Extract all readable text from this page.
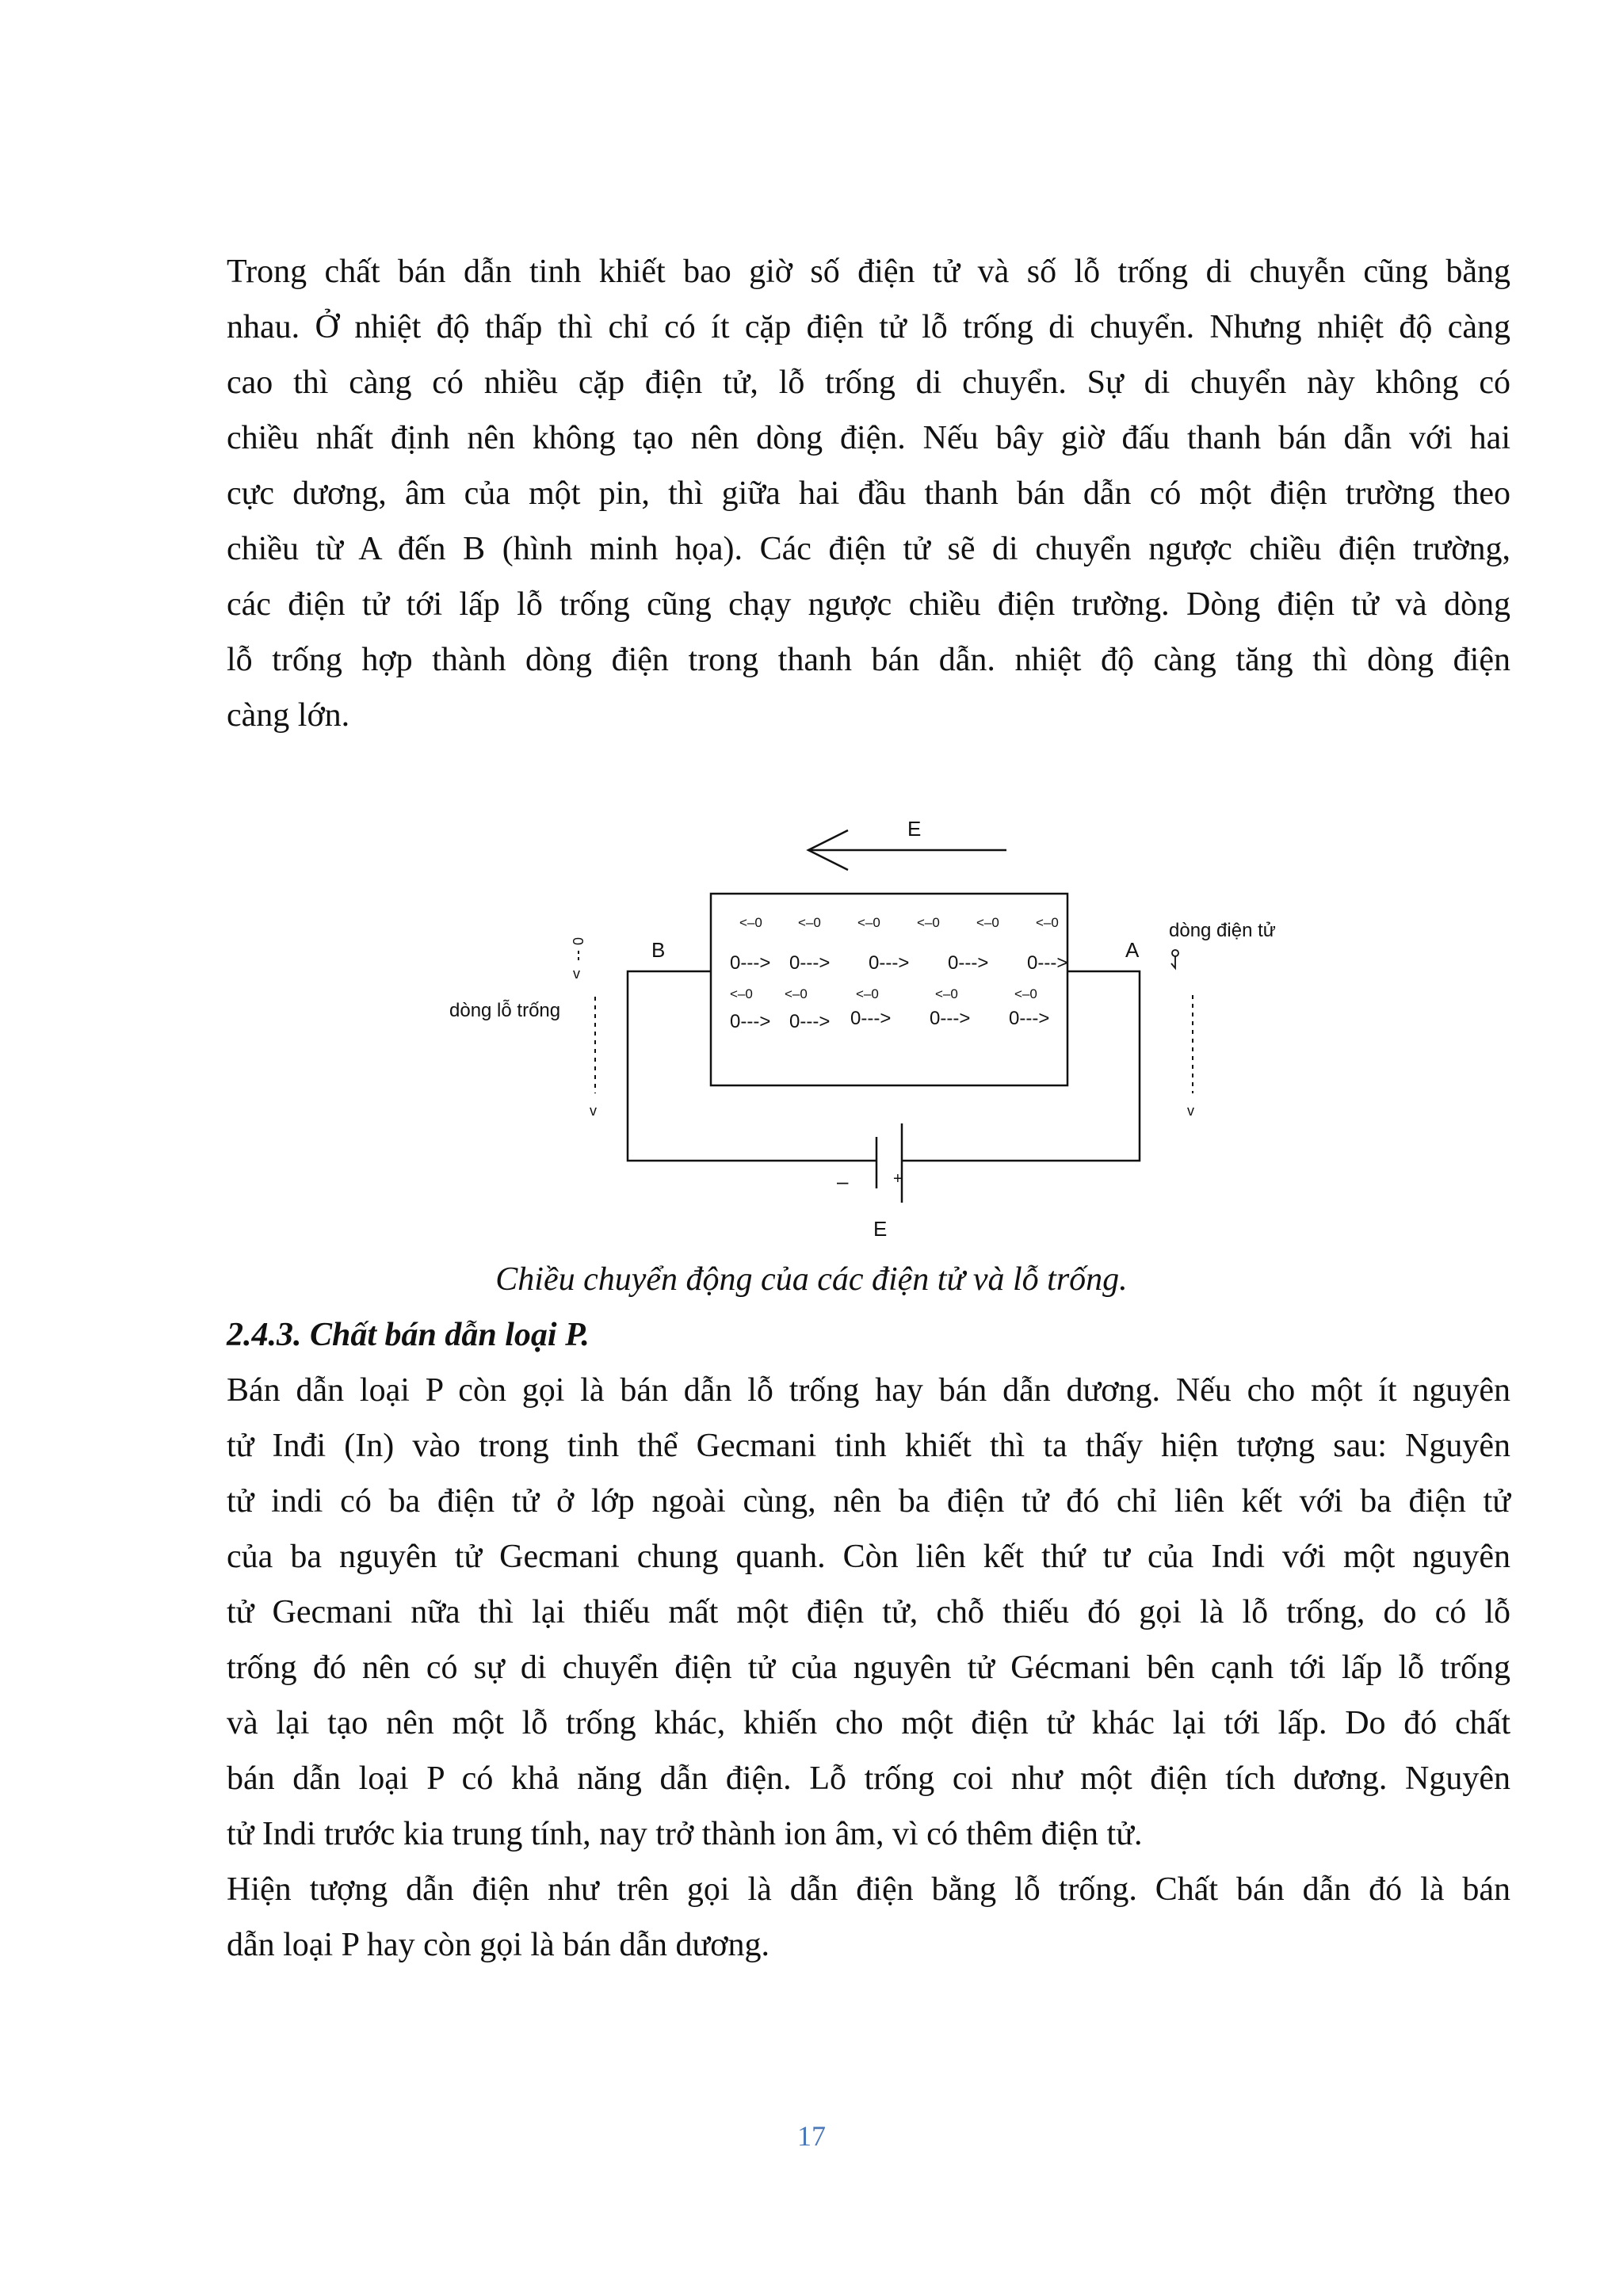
Trong chất bán dẫn tinh khiết bao giờ số điện tử và số lỗ trống di chuyễn cũng bằng
nhau. Ở nhiệt độ thấp thì chỉ có ít cặp điện tử lỗ trống di chuyển. Nhưng nhiệt độ càng
cao thì càng có nhiều cặp điện tử, lỗ trống di chuyển. Sự di chuyển này không có
chiều nhất định nên không tạo nên dòng điện. Nếu bây giờ đấu thanh bán dẫn với hai
cực dương, âm của một pin, thì giữa hai đầu thanh bán dẫn có một điện trường theo
chiều từ A đến B (hình minh họa). Các điện tử sẽ di chuyển ngược chiều điện trường,
các điện tử tới lấp lỗ trống cũng chạy ngược chiều điện trường. Dòng điện tử và dòng
lỗ trống hợp thành dòng điện trong thanh bán dẫn. nhiệt độ càng tăng thì dòng điện
càng lớn.

E
B	A
<–0	<–0	<–0	<–0	<–0	<–0
0---> 0---> 0---> 0---> 0--->
<–0 <–0	<–0	<–0	<–0
0---> 0---> 0---> 0---> 0--->
–	+
E
dòng lỗ trống
0
v
v
dòng điện tử
v

Chiều chuyển động của các điện tử và lỗ trống.

2.4.3. Chất bán dẫn loại P.

Bán dẫn loại P còn gọi là bán dẫn lỗ trống hay bán dẫn dương. Nếu cho một ít nguyên
tử Inđi (In) vào trong tinh thể Gecmani tinh khiết thì ta thấy hiện tượng sau: Nguyên
tử indi có ba điện tử ở lớp ngoài cùng, nên ba điện tử đó chỉ liên kết với ba điện tử
của ba nguyên tử Gecmani chung quanh. Còn liên kết thứ tư của Indi với một nguyên
tử Gecmani nữa thì lại thiếu mất một điện tử, chỗ thiếu đó gọi là lỗ trống, do có lỗ
trống đó nên có sự di chuyển điện tử của nguyên tử Gécmani bên cạnh tới lấp lỗ trống
và lại tạo nên một lỗ trống khác, khiến cho một điện tử khác lại tới lấp. Do đó chất
bán dẫn loại P có khả năng dẫn điện. Lỗ trống coi như một điện tích dương. Nguyên
tử Indi trước kia trung tính, nay trở thành ion âm, vì có thêm điện tử.

Hiện tượng dẫn điện như trên gọi là dẫn điện bằng lỗ trống. Chất bán dẫn đó là bán
dẫn loại P hay còn gọi là bán dẫn dương.

17
